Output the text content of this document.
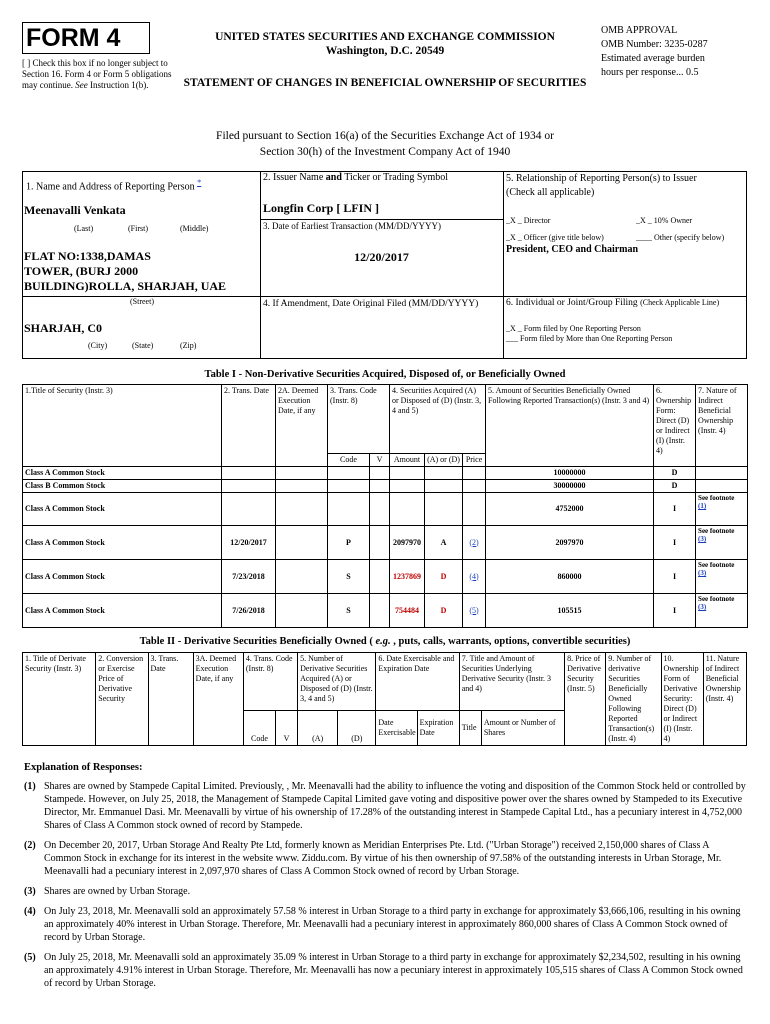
FORM 4
[ ] Check this box if no longer subject to Section 16. Form 4 or Form 5 obligations may continue. See Instruction 1(b).
UNITED STATES SECURITIES AND EXCHANGE COMMISSION
Washington, D.C. 20549
STATEMENT OF CHANGES IN BENEFICIAL OWNERSHIP OF SECURITIES
OMB APPROVAL
OMB Number: 3235-0287
Estimated average burden
hours per response... 0.5
Filed pursuant to Section 16(a) of the Securities Exchange Act of 1934 or
Section 30(h) of the Investment Company Act of 1940
1. Name and Address of Reporting Person *
Meenavalli Venkata
(Last)	(First)	(Middle)
FLAT NO:1338,DAMAS
TOWER, (BURJ 2000
BUILDING)ROLLA, SHARJAH, UAE
(Street)
SHARJAH, C0
(City)	(State)	(Zip)
2. Issuer Name and Ticker or Trading Symbol
Longfin Corp [ LFIN ]
3. Date of Earliest Transaction (MM/DD/YYYY)
12/20/2017
4. If Amendment, Date Original Filed (MM/DD/YYYY)
5. Relationship of Reporting Person(s) to Issuer
(Check all applicable)
_X _ Director	_X _ 10% Owner
_X _ Officer (give title below)	____ Other (specify below)
President, CEO and Chairman
6. Individual or Joint/Group Filing (Check Applicable Line)
_X _ Form filed by One Reporting Person
___ Form filed by More than One Reporting Person
Table I - Non-Derivative Securities Acquired, Disposed of, or Beneficially Owned
1.Title of Security (Instr. 3)	2. Trans. Date	2A. Deemed Execution Date, if any	3. Trans. Code (Instr. 8)		4. Securities Acquired (A) or Disposed of (D) (Instr. 3, 4 and 5)			5. Amount of Securities Beneficially Owned Following Reported Transaction(s) (Instr. 3 and 4)	6. Ownership Form: Direct (D) or Indirect (I) (Instr. 4)	7. Nature of Indirect Beneficial Ownership (Instr. 4)
			Code	V	Amount	(A) or (D)	Price			
Class A Common Stock								10000000	D	
Class B Common Stock								30000000	D	
Class A Common Stock								4752000	I	See footnote
(1)
Class A Common Stock	12/20/2017		P		2097970	A	(2)	2097970	I	See footnote
(3)
Class A Common Stock	7/23/2018		S		1237869	D	(4)	860000	I	See footnote
(3)
Class A Common Stock	7/26/2018		S		754484	D	(5)	105515	I	See footnote
(3)
Table II - Derivative Securities Beneficially Owned ( e.g. , puts, calls, warrants, options, convertible securities)
1. Title of Derivate Security (Instr. 3)	2. Conversion or Exercise Price of Derivative Security	3. Trans. Date	3A. Deemed Execution Date, if any	4. Trans. Code (Instr. 8)		5. Number of Derivative Securities Acquired (A) or Disposed of (D) (Instr. 3, 4 and 5)		6. Date Exercisable and Expiration Date		7. Title and Amount of Securities Underlying Derivative Security (Instr. 3 and 4)		8. Price of Derivative Security (Instr. 5)	9. Number of derivative Securities Beneficially Owned Following Reported Transaction(s) (Instr. 4)	10. Ownership Form of Derivative Security: Direct (D) or Indirect (I) (Instr. 4)	11. Nature of Indirect Beneficial Ownership (Instr. 4)
				Code	V	(A)	(D)	Date Exercisable	Expiration Date	Title	Amount or Number of Shares				
Explanation of Responses:
(1) Shares are owned by Stampede Capital Limited. Previously, , Mr. Meenavalli had the ability to influence the voting and disposition of the Common Stock held or controlled by Stampede. However, on July 25, 2018, the Management of Stampede Capital Limited gave voting and dispositive power over the shares owned by Stampeded to its Executive Director, Mr. Emmanuel Dasi. Mr. Meenavalli by virtue of his ownership of 17.28% of the outstanding interest in Stampede Capital Ltd., has a pecuniary interest in 4,752,000 Shares of Class A Common stock owned of record by Stampede.
(2) On December 20, 2017, Urban Storage And Realty Pte Ltd, formerly known as Meridian Enterprises Pte. Ltd. ("Urban Storage") received 2,150,000 shares of Class A Common Stock in exchange for its interest in the website www. Ziddu.com. By virtue of his then ownership of 97.58% of the outstanding interests in Urban Storage, Mr. Meenavalli had a pecuniary interest in 2,097,970 shares of Class A Common Stock owned of record by Urban Storage.
(3) Shares are owned by Urban Storage.
(4) On July 23, 2018, Mr. Meenavalli sold an approximately 57.58 % interest in Urban Storage to a third party in exchange for approximately $3,666,106, resulting in his owning an approximately 40% interest in Urban Storage. Therefore, Mr. Meenavalli had a pecuniary interest in approximately 860,000 shares of Class A Common Stock owned of record by Urban Storage.
(5) On July 25, 2018, Mr. Meenavalli sold an approximately 35.09 % interest in Urban Storage to a third party in exchange for approximately $2,234,502, resulting in his owning an approximately 4.91% interest in Urban Storage. Therefore, Mr. Meenavalli has now a pecuniary interest in approximately 105,515 shares of Class A Common Stock owned of record by Urban Storage.
